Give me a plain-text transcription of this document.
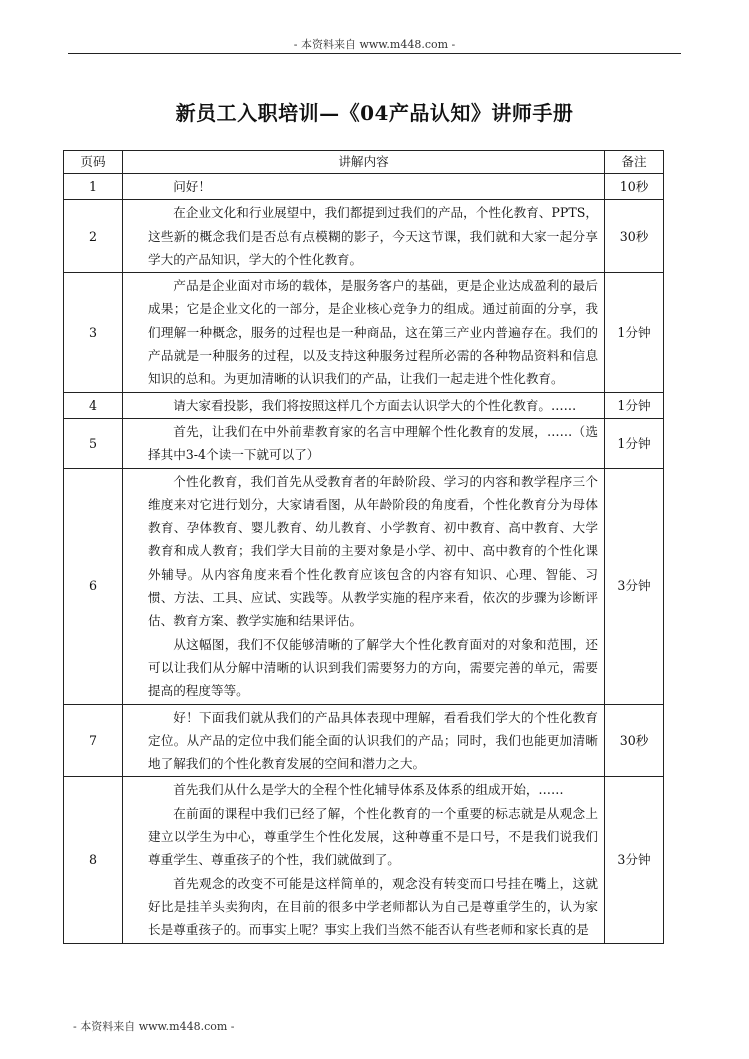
- 本资料来自 www.m448.com -
新员工入职培训—《04产品认知》讲师手册
页码	讲解内容	备注
1	问好！	10秒
2	在企业文化和行业展望中，我们都提到过我们的产品，个性化教育、PPTS，这些新的概念我们是否总有点模糊的影子，今天这节课，我们就和大家一起分享学大的产品知识，学大的个性化教育。	30秒
3	产品是企业面对市场的载体，是服务客户的基础，更是企业达成盈利的最后成果；它是企业文化的一部分，是企业核心竞争力的组成。通过前面的分享，我们理解一种概念，服务的过程也是一种商品，这在第三产业内普遍存在。我们的产品就是一种服务的过程，以及支持这种服务过程所必需的各种物品资料和信息知识的总和。为更加清晰的认识我们的产品，让我们一起走进个性化教育。	1分钟
4	请大家看投影，我们将按照这样几个方面去认识学大的个性化教育。……	1分钟
5	首先，让我们在中外前辈教育家的名言中理解个性化教育的发展，……（选择其中3-4个读一下就可以了）	1分钟
6	个性化教育，我们首先从受教育者的年龄阶段、学习的内容和教学程序三个维度来对它进行划分，大家请看图，从年龄阶段的角度看，个性化教育分为母体教育、孕体教育、婴儿教育、幼儿教育、小学教育、初中教育、高中教育、大学教育和成人教育；我们学大目前的主要对象是小学、初中、高中教育的个性化课外辅导。从内容角度来看个性化教育应该包含的内容有知识、心理、智能、习惯、方法、工具、应试、实践等。从教学实施的程序来看，依次的步骤为诊断评估、教育方案、教学实施和结果评估。

从这幅图，我们不仅能够清晰的了解学大个性化教育面对的对象和范围，还可以让我们从分解中清晰的认识到我们需要努力的方向，需要完善的单元，需要提高的程度等等。	3分钟
7	好！下面我们就从我们的产品具体表现中理解，看看我们学大的个性化教育定位。从产品的定位中我们能全面的认识我们的产品；同时，我们也能更加清晰地了解我们的个性化教育发展的空间和潜力之大。	30秒
8	首先我们从什么是学大的全程个性化辅导体系及体系的组成开始，……

在前面的课程中我们已经了解，个性化教育的一个重要的标志就是从观念上建立以学生为中心，尊重学生个性化发展，这种尊重不是口号，不是我们说我们尊重学生、尊重孩子的个性，我们就做到了。

首先观念的改变不可能是这样简单的，观念没有转变而口号挂在嘴上，这就好比是挂羊头卖狗肉，在目前的很多中学老师都认为自己是尊重学生的，认为家长是尊重孩子的。而事实上呢？事实上我们当然不能否认有些老师和家长真的是	3分钟
- 本资料来自 www.m448.com -
